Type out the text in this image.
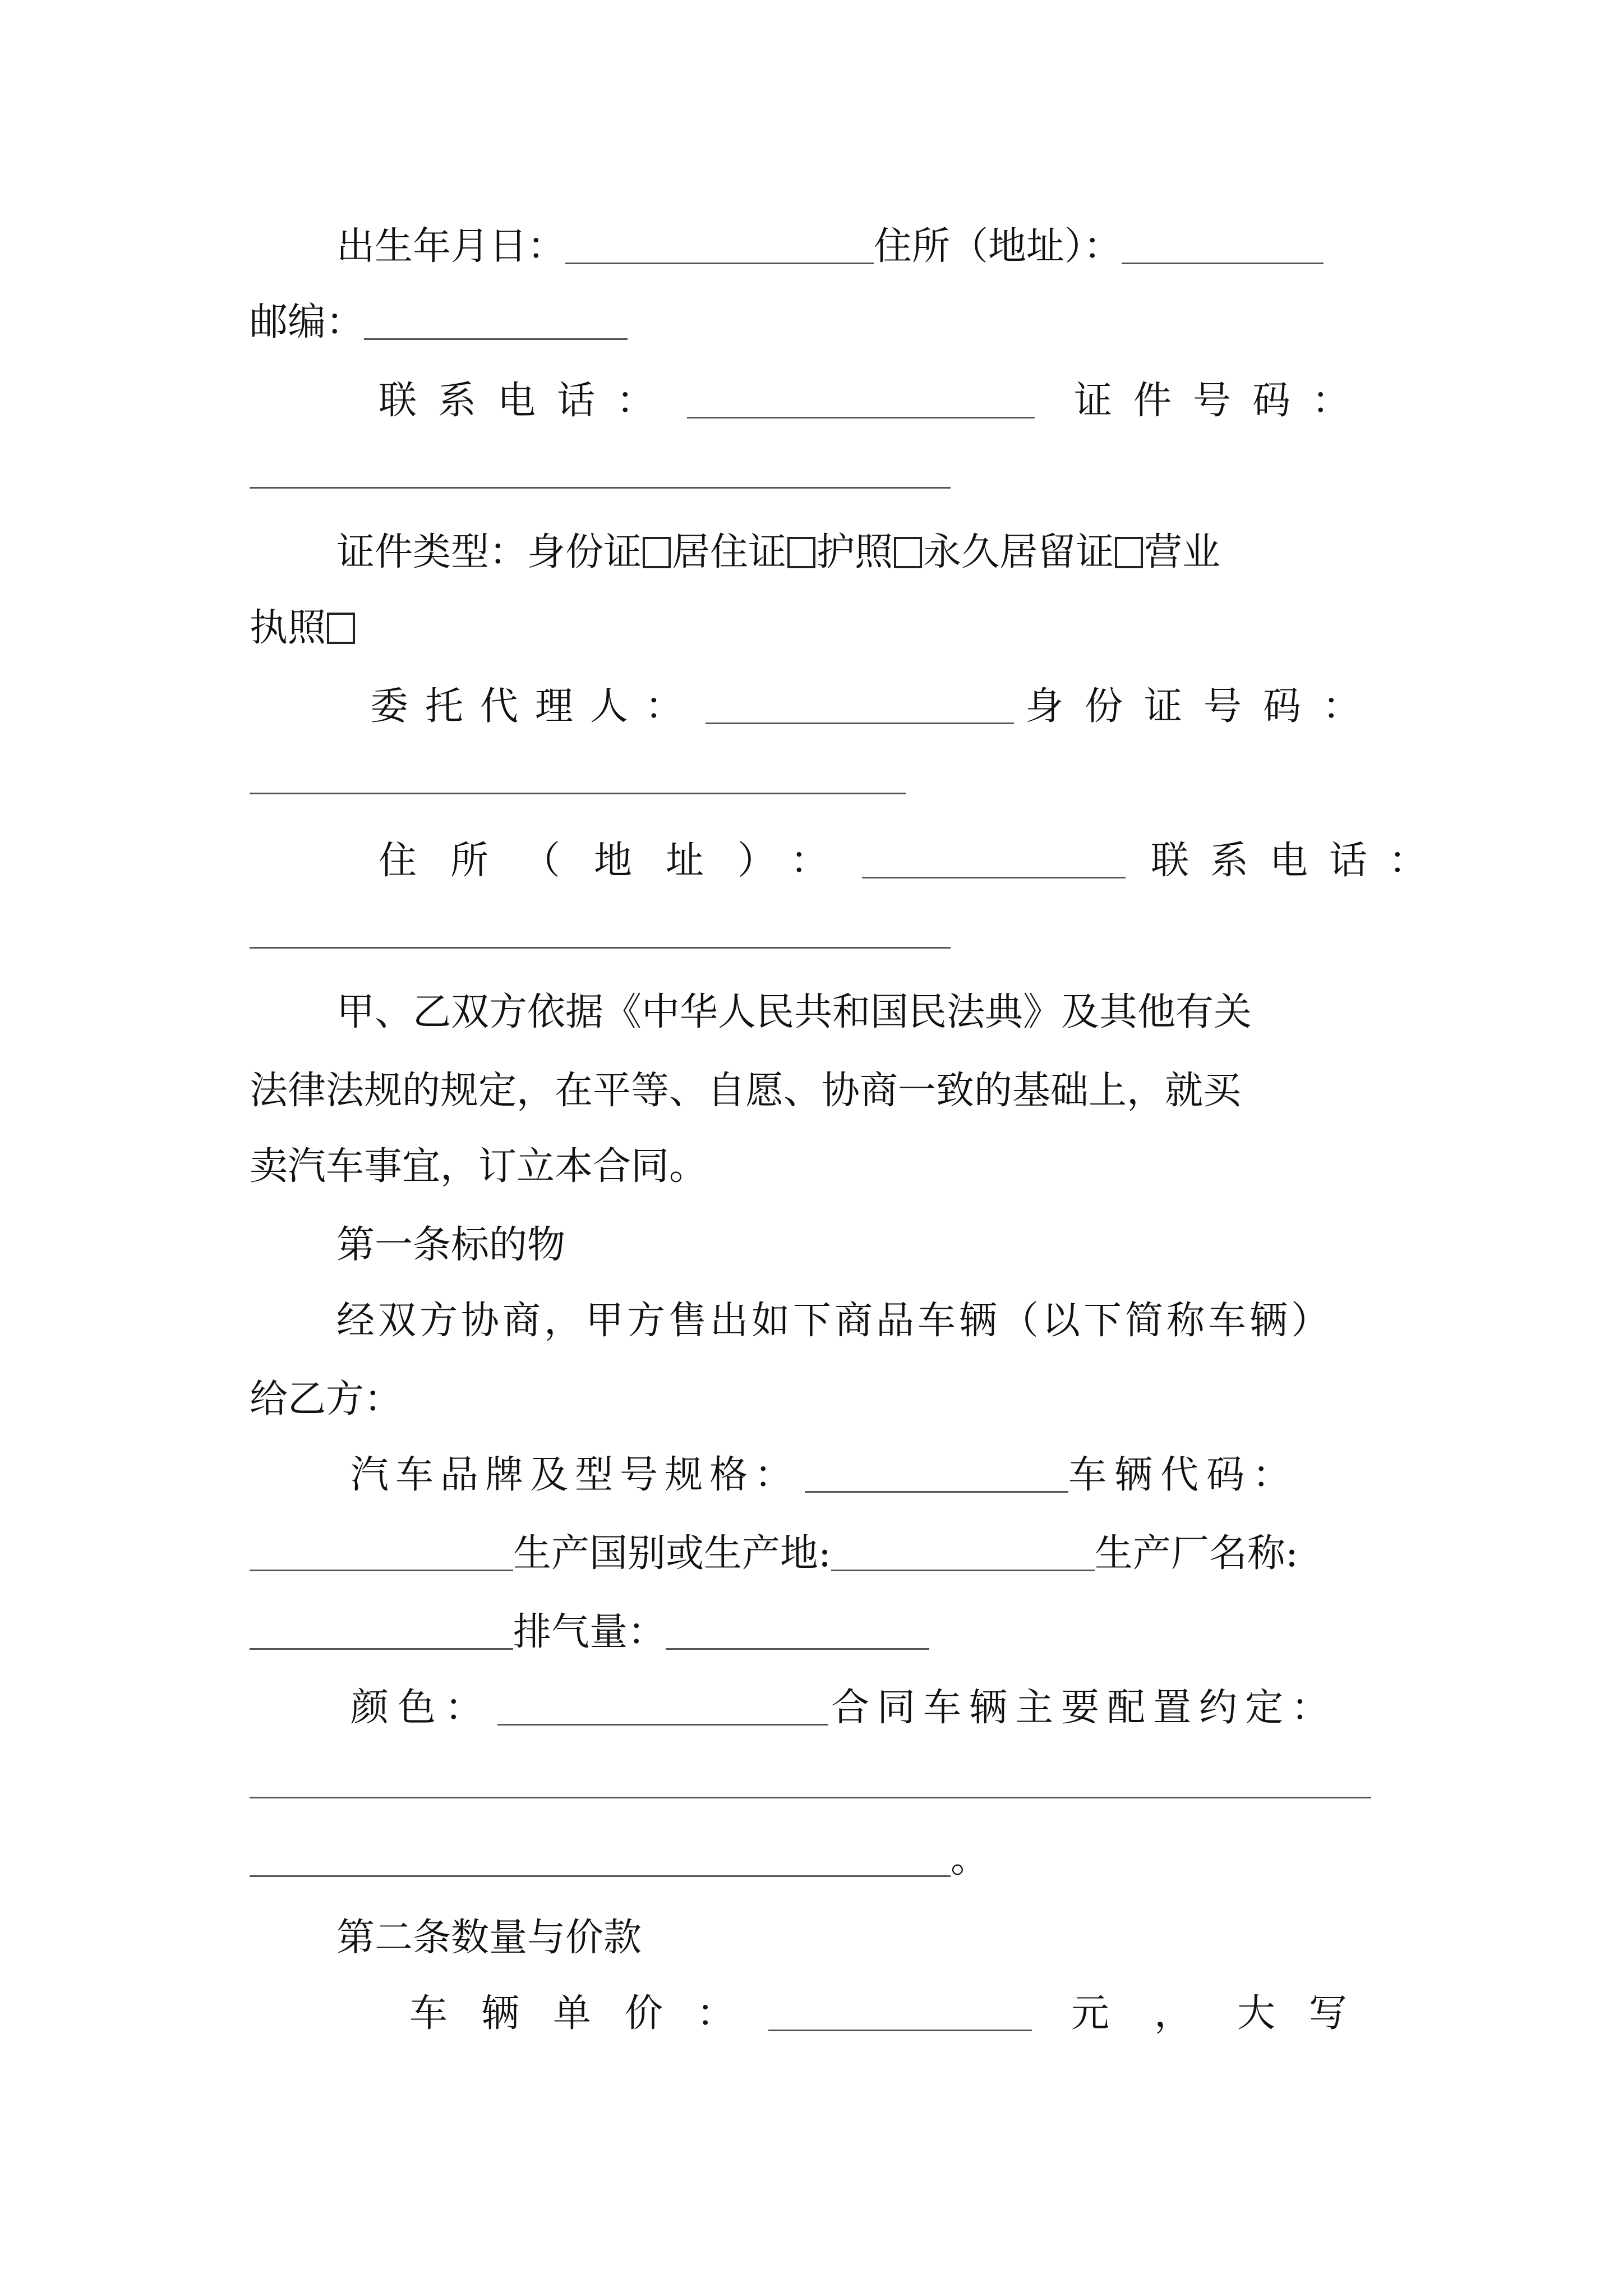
出生年月日：	住所（地址）：
邮编：
联系电话：	证件号码：
证件类型：身份证 居住证 护照 永久居留证 营业
执照
委托代理人：	身份证号码：
住所（地址）：	联系电话：
甲、乙双方依据《中华人民共和国民法典》及其他有关
法律法规的规定，在平等、自愿、协商一致的基础上，就买
卖汽车事宜，订立本合同。
第一条标的物
经双方协商，甲方售出如下商品车辆（以下简称车辆）
给乙方：
汽车品牌及型号规格：	车辆代码：
生产国别或生产地:	生产厂名称:
排气量：
颜色：	合同车辆主要配置约定：
。
第二条数量与价款
车辆单价：	元，大写
